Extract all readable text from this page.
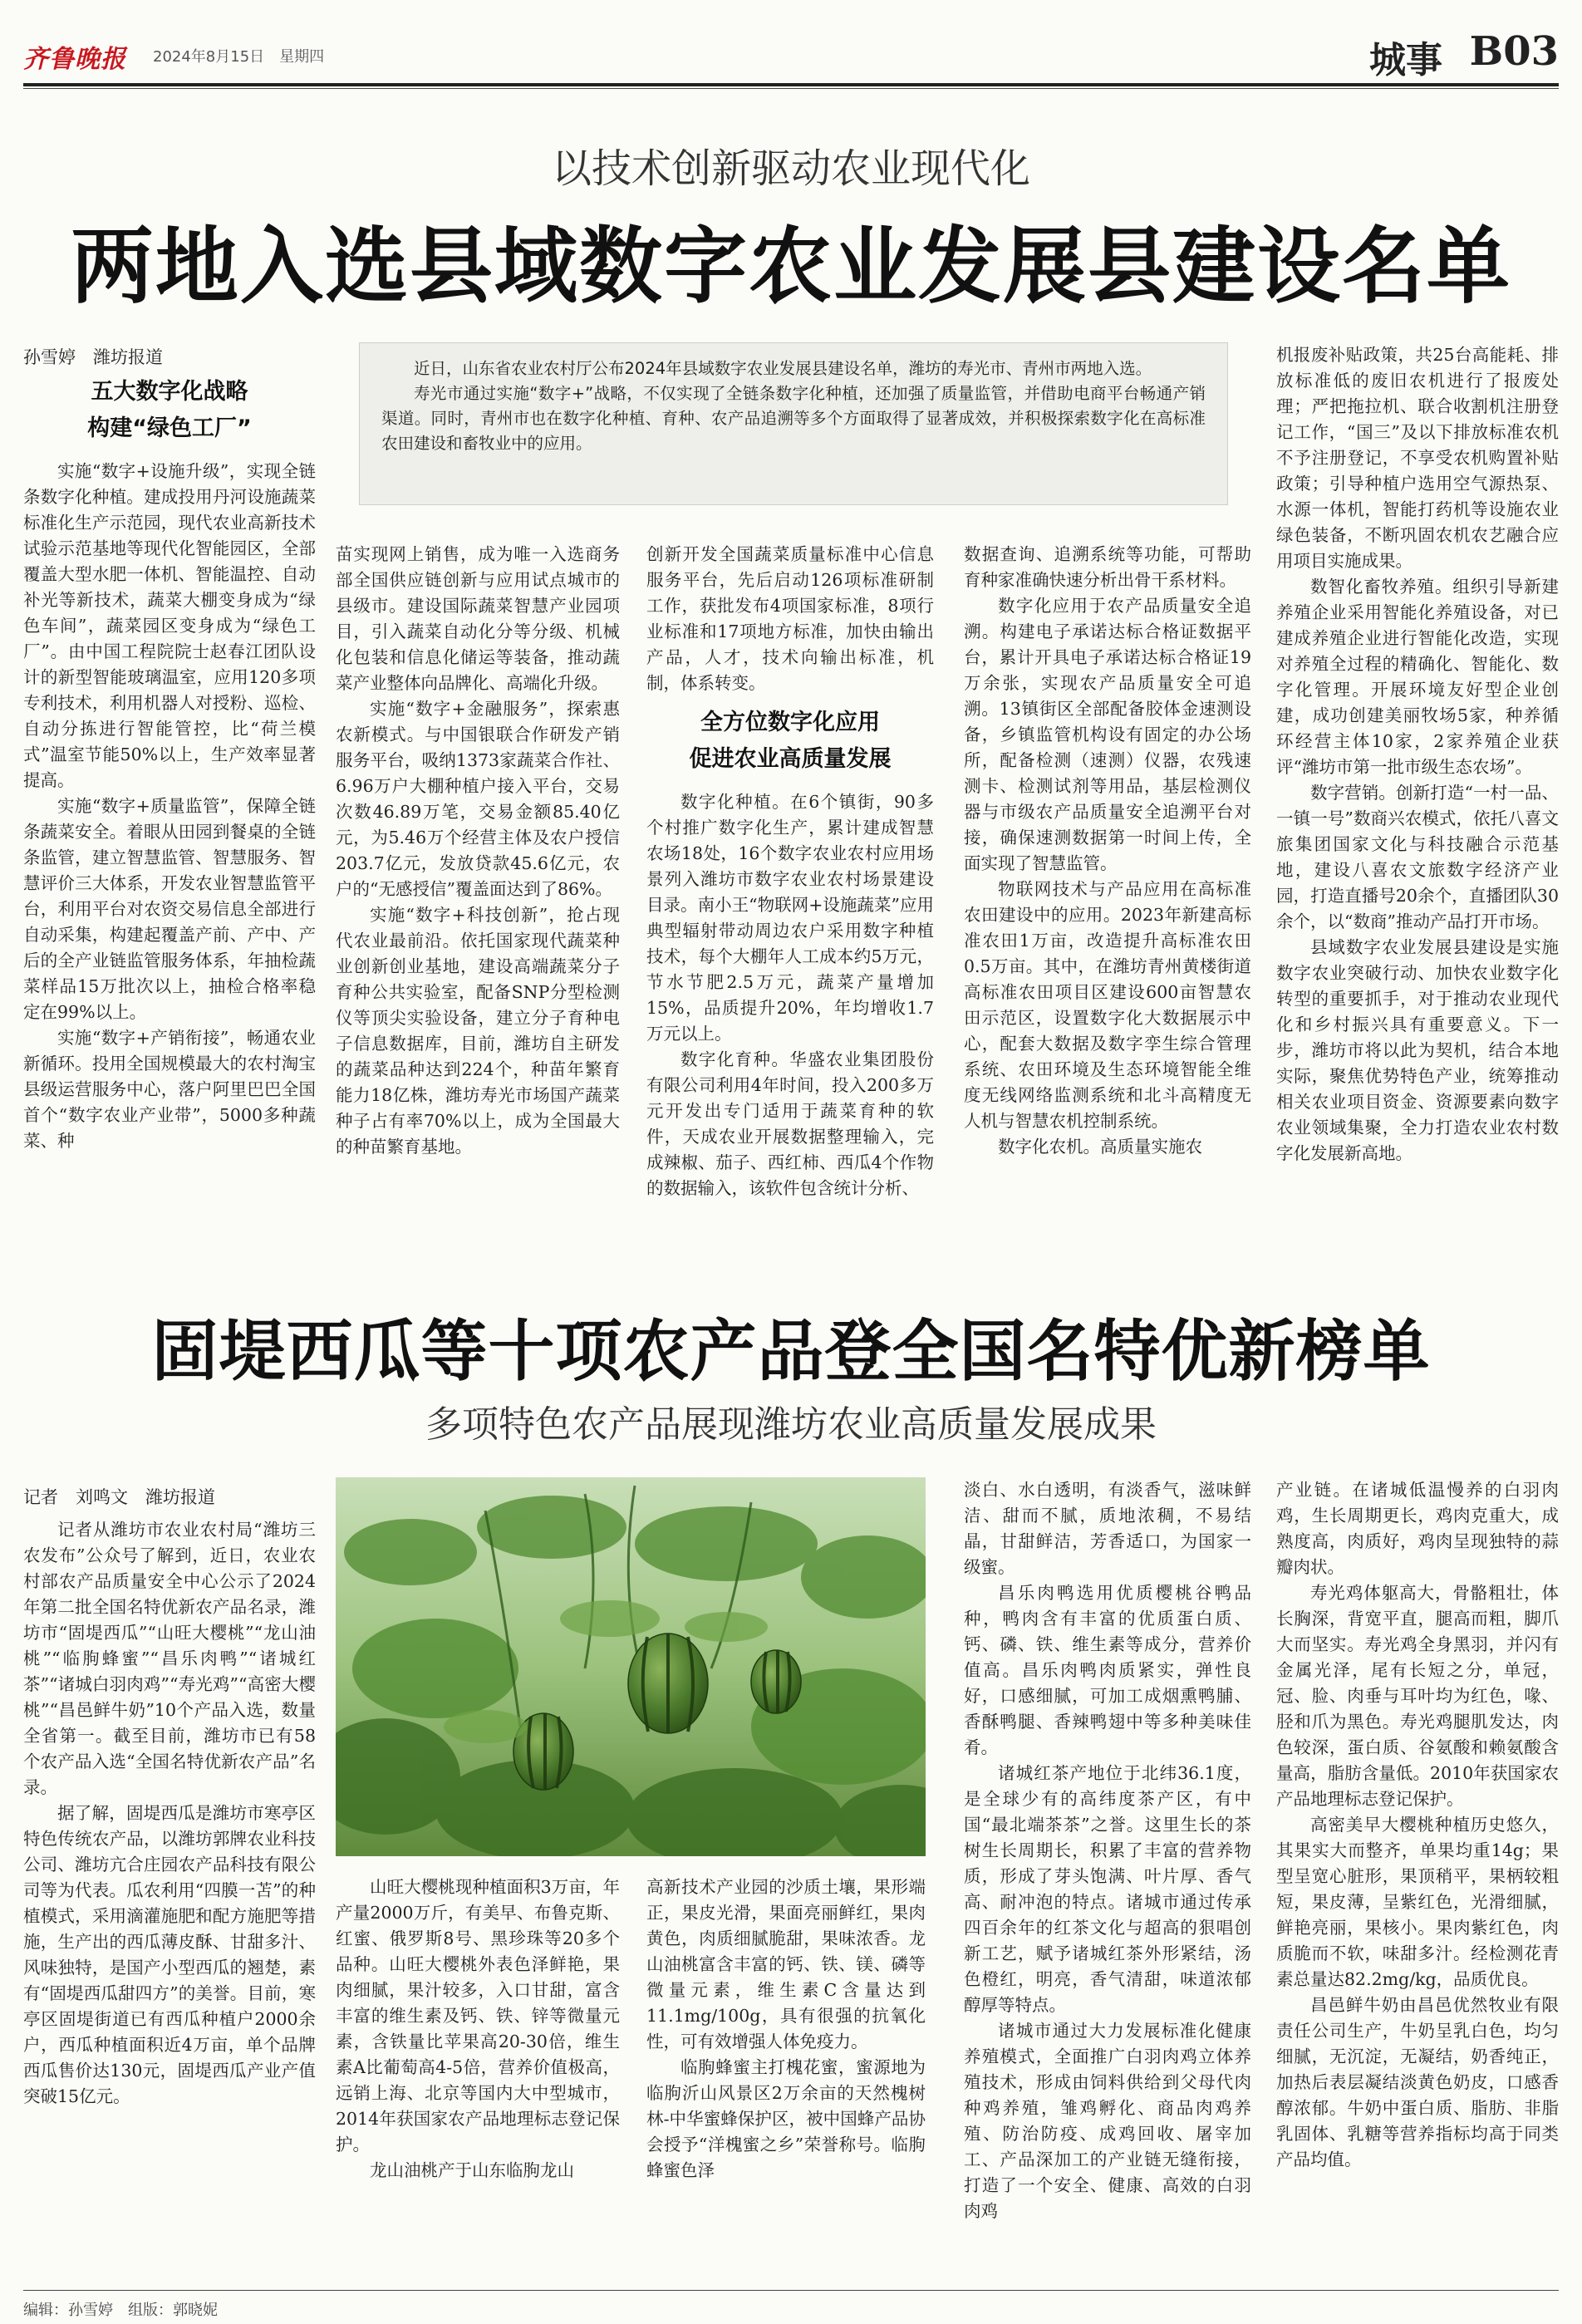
齐鲁晚报 2024年8月15日　 星期四	城事 B03
以技术创新驱动农业现代化
两地入选县域数字农业发展县建设名单
孙雪婷　潍坊报道

近日，山东省农业农村厅公布2024年县域数字农业发展县建设名单，潍坊的寿光市、青州市两地入选。

寿光市通过实施“数字+”战略，不仅实现了全链条数字化种植，还加强了质量监管，并借助电商平台畅通产销渠道。同时，青州市也在数字化种植、育种、农产品追溯等多个方面取得了显著成效，并积极探索数字化在高标准农田建设和畜牧业中的应用。

五大数字化战略
构建“绿色工厂”

实施“数字+设施升级”，实现全链条数字化种植。建成投用丹河设施蔬菜标准化生产示范园，现代农业高新技术试验示范基地等现代化智能园区，全部覆盖大型水肥一体机、智能温控、自动补光等新技术，蔬菜大棚变身成为“绿色车间”，蔬菜园区变身成为“绿色工厂”。由中国工程院院士赵春江团队设计的新型智能玻璃温室，应用120多项专利技术，利用机器人对授粉、巡检、自动分拣进行智能管控，比“荷兰模式”温室节能50%以上，生产效率显著提高。

实施“数字+质量监管”，保障全链条蔬菜安全。着眼从田园到餐桌的全链条监管，建立智慧监管、智慧服务、智慧评价三大体系，开发农业智慧监管平台，利用平台对农资交易信息全部进行自动采集，构建起覆盖产前、产中、产后的全产业链监管服务体系，年抽检蔬菜样品15万批次以上，抽检合格率稳定在99%以上。

实施“数字+产销衔接”，畅通农业新循环。投用全国规模最大的农村淘宝县级运营服务中心，落户阿里巴巴全国首个“数字农业产业带”，5000多种蔬菜、种

苗实现网上销售，成为唯一入选商务部全国供应链创新与应用试点城市的县级市。建设国际蔬菜智慧产业园项目，引入蔬菜自动化分等分级、机械化包装和信息化储运等装备，推动蔬菜产业整体向品牌化、高端化升级。

实施“数字+金融服务”，探索惠农新模式。与中国银联合作研发产销服务平台，吸纳1373家蔬菜合作社、6.96万户大棚种植户接入平台，交易次数46.89万笔，交易金额85.40亿元，为5.46万个经营主体及农户授信203.7亿元，发放贷款45.6亿元，农户的“无感授信”覆盖面达到了86%。

实施“数字+科技创新”，抢占现代农业最前沿。依托国家现代蔬菜种业创新创业基地，建设高端蔬菜分子育种公共实验室，配备SNP分型检测仪等顶尖实验设备，建立分子育种电子信息数据库，目前，潍坊自主研发的蔬菜品种达到224个，种苗年繁育能力18亿株，潍坊寿光市场国产蔬菜种子占有率70%以上，成为全国最大的种苗繁育基地。

创新开发全国蔬菜质量标准中心信息服务平台，先后启动126项标准研制工作，获批发布4项国家标准，8项行业标准和17项地方标准，加快由输出产品，人才，技术向输出标准，机制，体系转变。

全方位数字化应用
促进农业高质量发展

数字化种植。在6个镇街，90多个村推广数字化生产，累计建成智慧农场18处，16个数字农业农村应用场景列入潍坊市数字农业农村场景建设目录。南小王“物联网+设施蔬菜”应用典型辐射带动周边农户采用数字种植技术，每个大棚年人工成本约5万元，节水节肥2.5万元，蔬菜产量增加15%，品质提升20%，年均增收1.7万元以上。

数字化育种。华盛农业集团股份有限公司利用4年时间，投入200多万元开发出专门适用于蔬菜育种的软件，天成农业开展数据整理输入，完成辣椒、茄子、西红柿、西瓜4个作物的数据输入，该软件包含统计分析、

数据查询、追溯系统等功能，可帮助育种家准确快速分析出骨干系材料。

数字化应用于农产品质量安全追溯。构建电子承诺达标合格证数据平台，累计开具电子承诺达标合格证19万余张，实现农产品质量安全可追溯。13镇街区全部配备胶体金速测设备，乡镇监管机构设有固定的办公场所，配备检测（速测）仪器，农残速测卡、检测试剂等用品，基层检测仪器与市级农产品质量安全追溯平台对接，确保速测数据第一时间上传，全面实现了智慧监管。

物联网技术与产品应用在高标准农田建设中的应用。2023年新建高标准农田1万亩，改造提升高标准农田0.5万亩。其中，在潍坊青州黄楼街道高标准农田项目区建设600亩智慧农田示范区，设置数字化大数据展示中心，配套大数据及数字孪生综合管理系统、农田环境及生态环境智能全维度无线网络监测系统和北斗高精度无人机与智慧农机控制系统。

数字化农机。高质量实施农

机报废补贴政策，共25台高能耗、排放标准低的废旧农机进行了报废处理；严把拖拉机、联合收割机注册登记工作，“国三”及以下排放标准农机不予注册登记，不享受农机购置补贴政策；引导种植户选用空气源热泵、水源一体机，智能打药机等设施农业绿色装备，不断巩固农机农艺融合应用项目实施成果。

数智化畜牧养殖。组织引导新建养殖企业采用智能化养殖设备，对已建成养殖企业进行智能化改造，实现对养殖全过程的精确化、智能化、数字化管理。开展环境友好型企业创建，成功创建美丽牧场5家，种养循环经营主体10家，2家养殖企业获评“潍坊市第一批市级生态农场”。

数字营销。创新打造“一村一品、一镇一号”数商兴农模式，依托八喜文旅集团国家文化与科技融合示范基地，建设八喜农文旅数字经济产业园，打造直播号20余个，直播团队30余个，以“数商”推动产品打开市场。

县域数字农业发展县建设是实施数字农业突破行动、加快农业数字化转型的重要抓手，对于推动农业现代化和乡村振兴具有重要意义。下一步，潍坊市将以此为契机，结合本地实际，聚焦优势特色产业，统筹推动相关农业项目资金、资源要素向数字农业领域集聚，全力打造农业农村数字化发展新高地。

固堤西瓜等十项农产品登全国名特优新榜单
多项特色农产品展现潍坊农业高质量发展成果
记者　刘鸣文　潍坊报道

记者从潍坊市农业农村局“潍坊三农发布”公众号了解到，近日，农业农村部农产品质量安全中心公示了2024年第二批全国名特优新农产品名录，潍坊市“固堤西瓜”“山旺大樱桃”“龙山油桃”“临朐蜂蜜”“昌乐肉鸭”“诸城红茶”“诸城白羽肉鸡”“寿光鸡”“高密大樱桃”“昌邑鲜牛奶”10个产品入选，数量全省第一。截至目前，潍坊市已有58个农产品入选“全国名特优新农产品”名录。

据了解，固堤西瓜是潍坊市寒亭区特色传统农产品，以潍坊郭牌农业科技公司、潍坊亢合庄园农产品科技有限公司等为代表。瓜农利用“四膜一苫”的种植模式，采用滴灌施肥和配方施肥等措施，生产出的西瓜薄皮酥、甘甜多汁、风味独特，是国产小型西瓜的翘楚，素有“固堤西瓜甜四方”的美誉。目前，寒亭区固堤街道已有西瓜种植户2000余户，西瓜种植面积近4万亩，单个品牌西瓜售价达130元，固堤西瓜产业产值突破15亿元。

山旺大樱桃现种植面积3万亩，年产量2000万斤，有美早、布鲁克斯、红蜜、俄罗斯8号、黑珍珠等20多个品种。山旺大樱桃外表色泽鲜艳，果肉细腻，果汁较多，入口甘甜，富含丰富的维生素及钙、铁、锌等微量元素，含铁量比苹果高20-30倍，维生素A比葡萄高4-5倍，营养价值极高，远销上海、北京等国内大中型城市，2014年获国家农产品地理标志登记保护。

龙山油桃产于山东临朐龙山

高新技术产业园的沙质土壤，果形端正，果皮光滑，果面亮丽鲜红，果肉黄色，肉质细腻脆甜，果味浓香。龙山油桃富含丰富的钙、铁、镁、磷等微量元素，维生素C含量达到11.1mg/100g，具有很强的抗氧化性，可有效增强人体免疫力。

临朐蜂蜜主打槐花蜜，蜜源地为临朐沂山风景区2万余亩的天然槐树林-中华蜜蜂保护区，被中国蜂产品协会授予“洋槐蜜之乡”荣誉称号。临朐蜂蜜色泽

淡白、水白透明，有淡香气，滋味鲜洁、甜而不腻，质地浓稠，不易结晶，甘甜鲜洁，芳香适口，为国家一级蜜。

昌乐肉鸭选用优质樱桃谷鸭品种，鸭肉含有丰富的优质蛋白质、钙、磷、铁、维生素等成分，营养价值高。昌乐肉鸭肉质紧实，弹性良好，口感细腻，可加工成烟熏鸭脯、香酥鸭腿、香辣鸭翅中等多种美味佳肴。

诸城红茶产地位于北纬36.1度，是全球少有的高纬度茶产区，有中国“最北端茶茶”之誉。这里生长的茶树生长周期长，积累了丰富的营养物质，形成了芽头饱满、叶片厚、香气高、耐冲泡的特点。诸城市通过传承四百余年的红茶文化与超高的狠唱创新工艺，赋予诸城红茶外形紧结，汤色橙红，明亮，香气清甜，味道浓郁醇厚等特点。

诸城市通过大力发展标准化健康养殖模式，全面推广白羽肉鸡立体养殖技术，形成由饲料供给到父母代肉种鸡养殖，雏鸡孵化、商品肉鸡养殖、防治防疫、成鸡回收、屠宰加工、产品深加工的产业链无缝衔接，打造了一个安全、健康、高效的白羽肉鸡

产业链。在诸城低温慢养的白羽肉鸡，生长周期更长，鸡肉克重大，成熟度高，肉质好，鸡肉呈现独特的蒜瓣肉状。

寿光鸡体躯高大，骨骼粗壮，体长胸深，背宽平直，腿高而粗，脚爪大而坚实。寿光鸡全身黑羽，并闪有金属光泽，尾有长短之分，单冠，冠、脸、肉垂与耳叶均为红色，喙、胫和爪为黑色。寿光鸡腿肌发达，肉色较深，蛋白质、谷氨酸和赖氨酸含量高，脂肪含量低。2010年获国家农产品地理标志登记保护。

高密美早大樱桃种植历史悠久，其果实大而整齐，单果均重14g；果型呈宽心脏形，果顶稍平，果柄较粗短，果皮薄，呈紫红色，光滑细腻，鲜艳亮丽，果核小。果肉紫红色，肉质脆而不软，味甜多汁。经检测花青素总量达82.2mg/kg，品质优良。

昌邑鲜牛奶由昌邑优然牧业有限责任公司生产，牛奶呈乳白色，均匀细腻，无沉淀，无凝结，奶香纯正，加热后表层凝结淡黄色奶皮，口感香醇浓郁。牛奶中蛋白质、脂肪、非脂乳固体、乳糖等营养指标均高于同类产品均值。

编辑：孙雪婷　组版：郭晓妮
